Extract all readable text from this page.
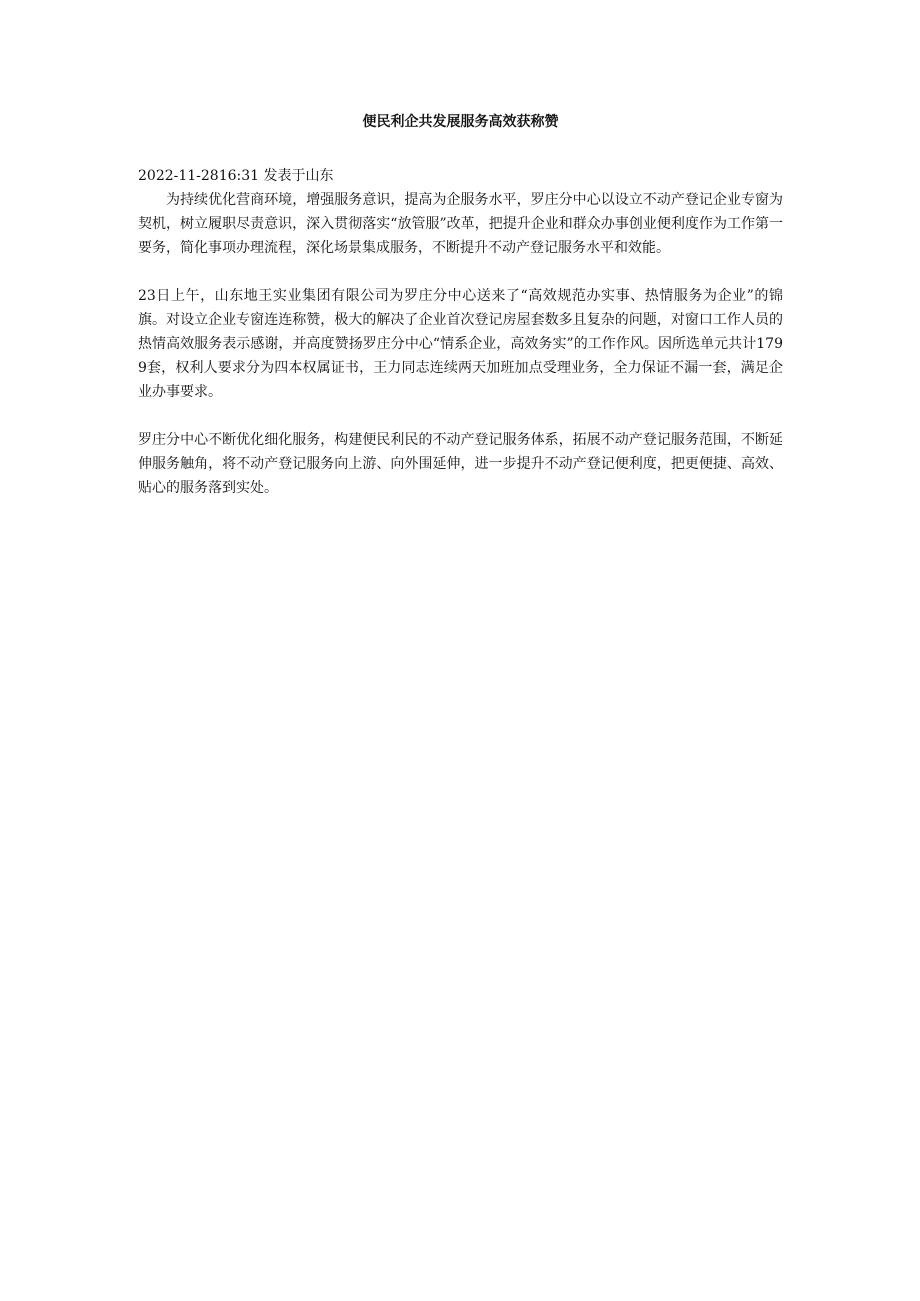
便民利企共发展服务高效获称赞

2022-11-2816:31 发表于山东

为持续优化营商环境，增强服务意识，提高为企服务水平，罗庄分中心以设立不动产登记企业专窗为契机，树立履职尽责意识，深入贯彻落实“放管服”改革，把提升企业和群众办事创业便利度作为工作第一要务，简化事项办理流程，深化场景集成服务，不断提升不动产登记服务水平和效能。

23日上午，山东地王实业集团有限公司为罗庄分中心送来了“高效规范办实事、热情服务为企业”的锦旗。对设立企业专窗连连称赞，极大的解决了企业首次登记房屋套数多且复杂的问题，对窗口工作人员的热情高效服务表示感谢，并高度赞扬罗庄分中心“情系企业，高效务实”的工作作风。因所选单元共计1799套，权利人要求分为四本权属证书，王力同志连续两天加班加点受理业务，全力保证不漏一套，满足企业办事要求。

罗庄分中心不断优化细化服务，构建便民利民的不动产登记服务体系，拓展不动产登记服务范围，不断延伸服务触角，将不动产登记服务向上游、向外围延伸，进一步提升不动产登记便利度，把更便捷、高效、贴心的服务落到实处。
